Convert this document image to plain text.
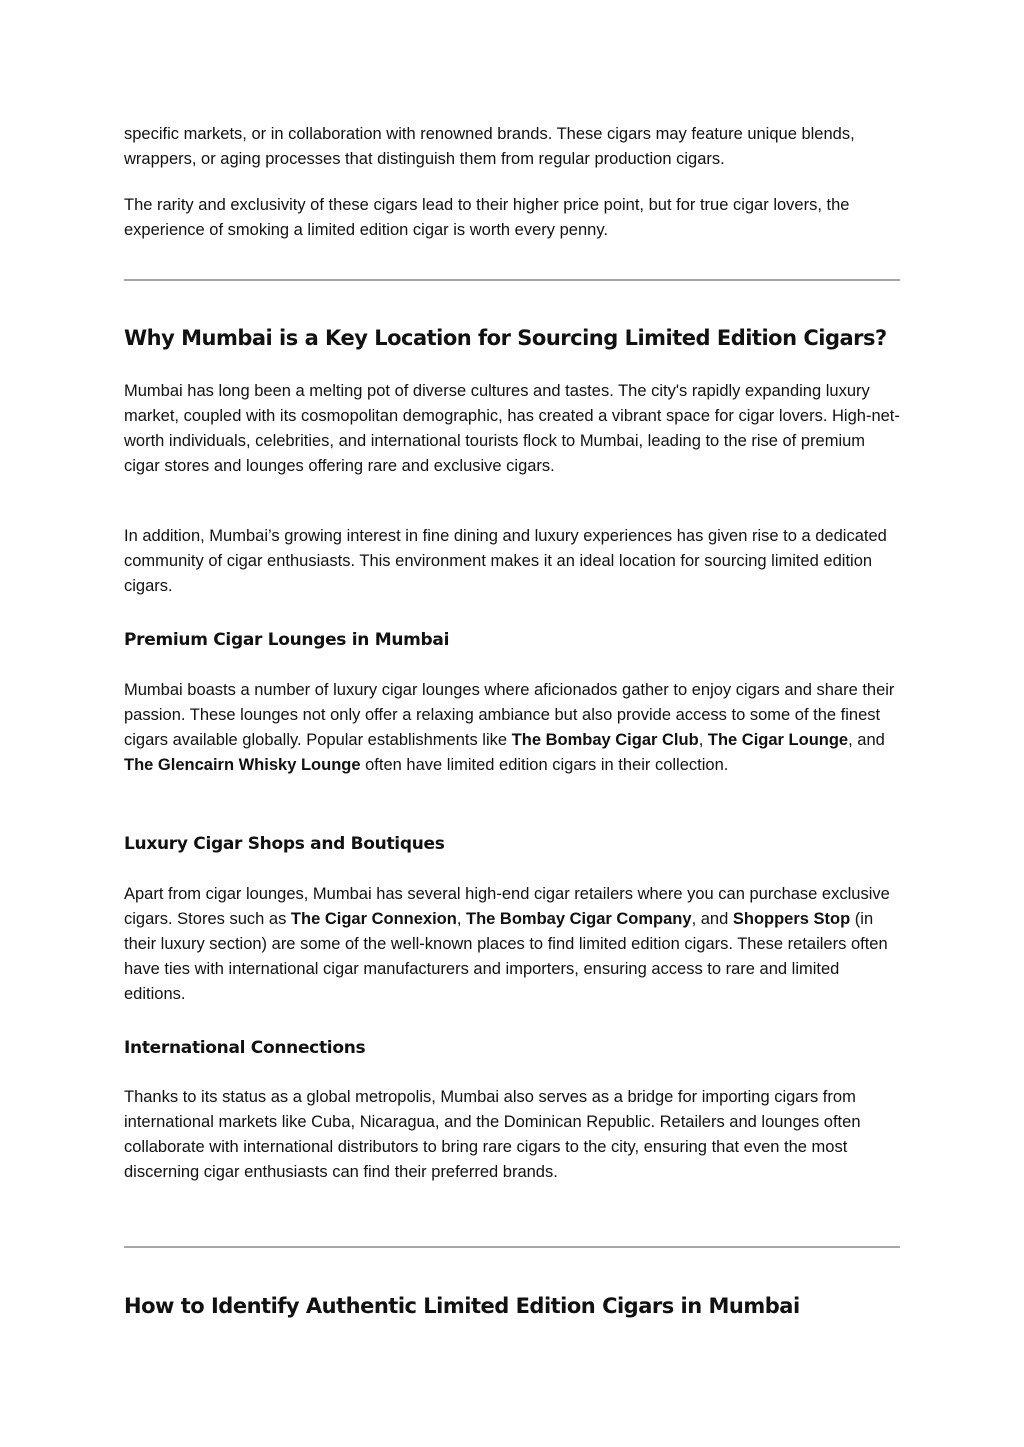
specific markets, or in collaboration with renowned brands. These cigars may feature unique blends, wrappers, or aging processes that distinguish them from regular production cigars.

The rarity and exclusivity of these cigars lead to their higher price point, but for true cigar lovers, the experience of smoking a limited edition cigar is worth every penny.

Why Mumbai is a Key Location for Sourcing Limited Edition Cigars?

Mumbai has long been a melting pot of diverse cultures and tastes. The city's rapidly expanding luxury market, coupled with its cosmopolitan demographic, has created a vibrant space for cigar lovers. High-net-worth individuals, celebrities, and international tourists flock to Mumbai, leading to the rise of premium cigar stores and lounges offering rare and exclusive cigars.

In addition, Mumbai’s growing interest in fine dining and luxury experiences has given rise to a dedicated community of cigar enthusiasts. This environment makes it an ideal location for sourcing limited edition cigars.

Premium Cigar Lounges in Mumbai

Mumbai boasts a number of luxury cigar lounges where aficionados gather to enjoy cigars and share their passion. These lounges not only offer a relaxing ambiance but also provide access to some of the finest cigars available globally. Popular establishments like The Bombay Cigar Club, The Cigar Lounge, and The Glencairn Whisky Lounge often have limited edition cigars in their collection.

Luxury Cigar Shops and Boutiques

Apart from cigar lounges, Mumbai has several high-end cigar retailers where you can purchase exclusive cigars. Stores such as The Cigar Connexion, The Bombay Cigar Company, and Shoppers Stop (in their luxury section) are some of the well-known places to find limited edition cigars. These retailers often have ties with international cigar manufacturers and importers, ensuring access to rare and limited editions.

International Connections

Thanks to its status as a global metropolis, Mumbai also serves as a bridge for importing cigars from international markets like Cuba, Nicaragua, and the Dominican Republic. Retailers and lounges often collaborate with international distributors to bring rare cigars to the city, ensuring that even the most discerning cigar enthusiasts can find their preferred brands.

How to Identify Authentic Limited Edition Cigars in Mumbai
